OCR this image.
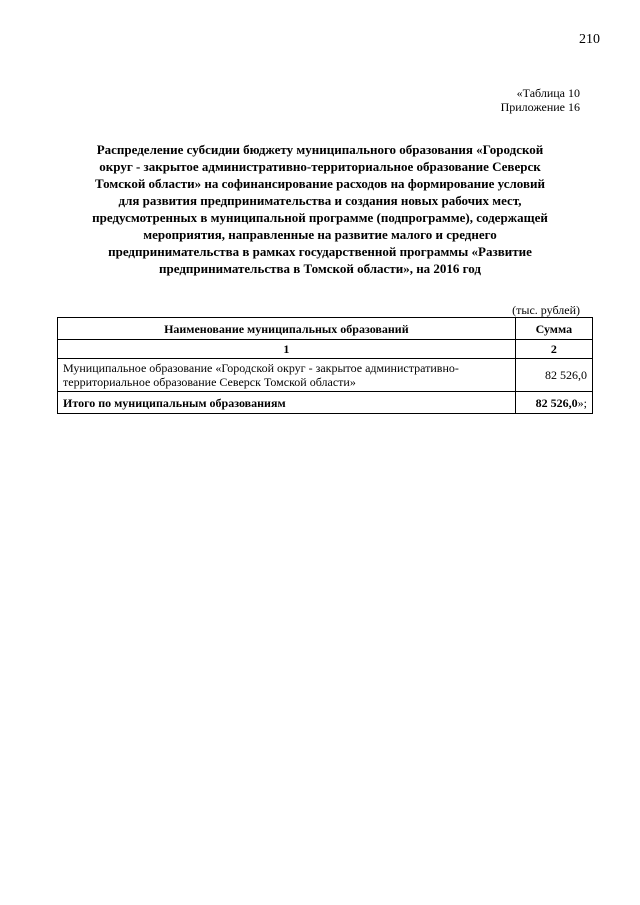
210
«Таблица 10
Приложение 16
Распределение субсидии бюджету муниципального образования «Городской
округ - закрытое административно-территориальное образование Северск
Томской области» на софинансирование расходов на формирование условий
для развития предпринимательства и создания новых рабочих мест,
предусмотренных в муниципальной программе (подпрограмме), содержащей
мероприятия, направленные на развитие малого и среднего
предпринимательства в рамках государственной программы «Развитие
предпринимательства в Томской области», на 2016 год
(тыс. рублей)
Наименование муниципальных образований	Сумма
1	2
Муниципальное образование «Городской округ - закрытое административно-территориальное образование Северск Томской области»	82 526,0
Итого по муниципальным образованиям	82 526,0»;
